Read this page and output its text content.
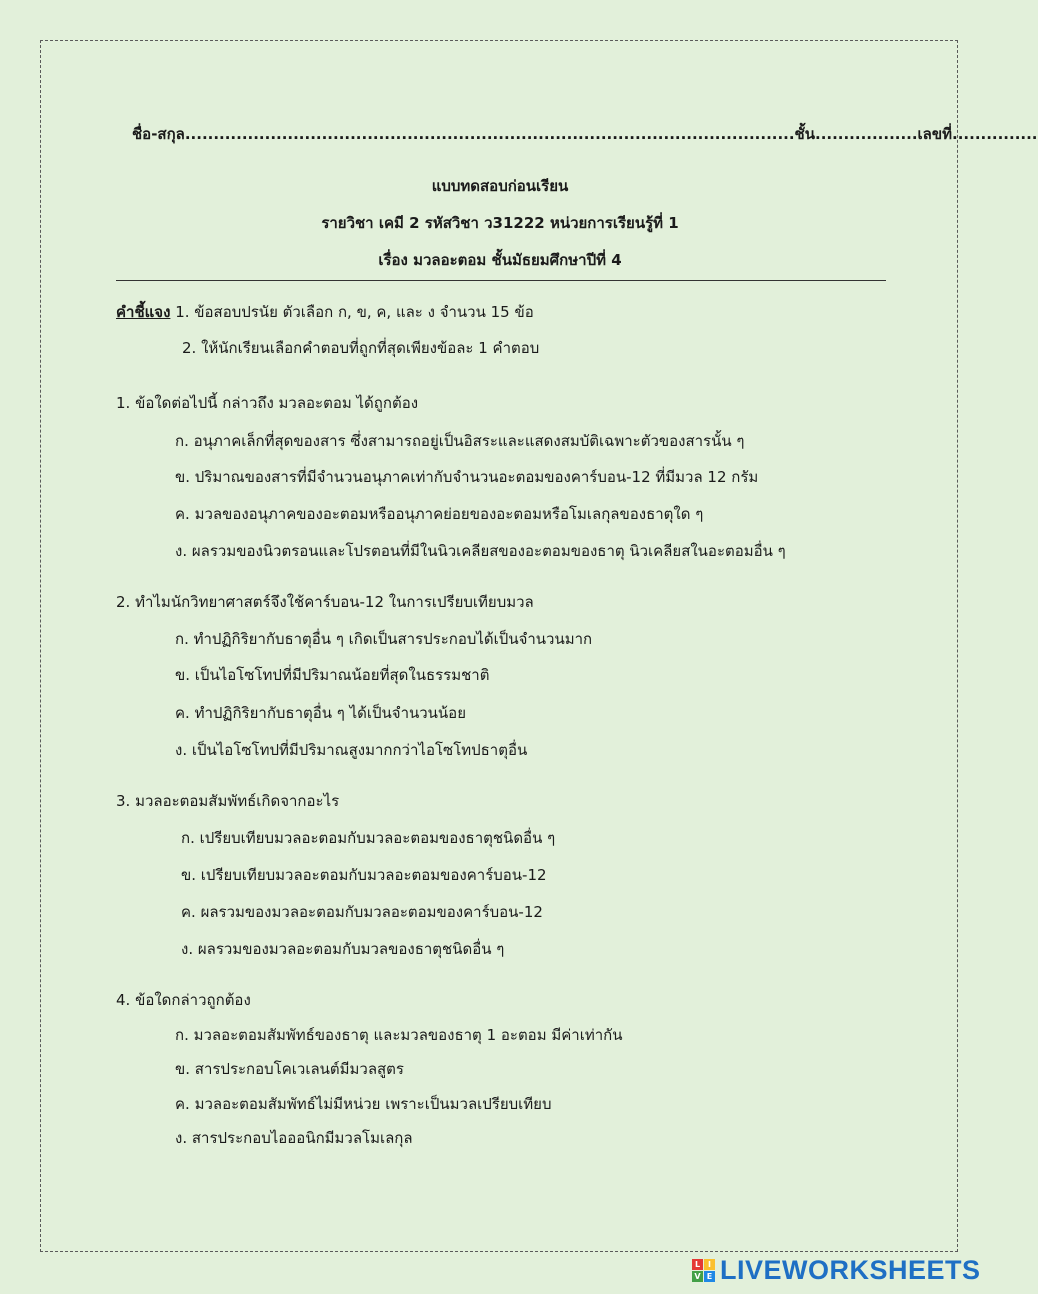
ชื่อ-สกุล...........................................................................................................ชั้น..................เลขที่...............
แบบทดสอบก่อนเรียน
รายวิชา เคมี 2 รหัสวิชา ว31222 หน่วยการเรียนรู้ที่ 1
เรื่อง มวลอะตอม ชั้นมัธยมศึกษาปีที่ 4
คำชี้แจง 1. ข้อสอบปรนัย ตัวเลือก ก, ข, ค, และ ง จำนวน 15 ข้อ
2. ให้นักเรียนเลือกคำตอบที่ถูกที่สุดเพียงข้อละ 1 คำตอบ
1. ข้อใดต่อไปนี้ กล่าวถึง มวลอะตอม ได้ถูกต้อง
ก. อนุภาคเล็กที่สุดของสาร ซึ่งสามารถอยู่เป็นอิสระและแสดงสมบัติเฉพาะตัวของสารนั้น ๆ
ข. ปริมาณของสารที่มีจำนวนอนุภาคเท่ากับจำนวนอะตอมของคาร์บอน-12 ที่มีมวล 12 กรัม
ค. มวลของอนุภาคของอะตอมหรืออนุภาคย่อยของอะตอมหรือโมเลกุลของธาตุใด ๆ
ง. ผลรวมของนิวตรอนและโปรตอนที่มีในนิวเคลียสของอะตอมของธาตุ นิวเคลียสในอะตอมอื่น ๆ
2. ทำไมนักวิทยาศาสตร์จึงใช้คาร์บอน-12 ในการเปรียบเทียบมวล
ก. ทำปฏิกิริยากับธาตุอื่น ๆ เกิดเป็นสารประกอบได้เป็นจำนวนมาก
ข. เป็นไอโซโทปที่มีปริมาณน้อยที่สุดในธรรมชาติ
ค. ทำปฏิกิริยากับธาตุอื่น ๆ ได้เป็นจำนวนน้อย
ง. เป็นไอโซโทปที่มีปริมาณสูงมากกว่าไอโซโทปธาตุอื่น
3. มวลอะตอมสัมพัทธ์เกิดจากอะไร
ก. เปรียบเทียบมวลอะตอมกับมวลอะตอมของธาตุชนิดอื่น ๆ
ข. เปรียบเทียบมวลอะตอมกับมวลอะตอมของคาร์บอน-12
ค. ผลรวมของมวลอะตอมกับมวลอะตอมของคาร์บอน-12
ง. ผลรวมของมวลอะตอมกับมวลของธาตุชนิดอื่น ๆ
4. ข้อใดกล่าวถูกต้อง
ก. มวลอะตอมสัมพัทธ์ของธาตุ และมวลของธาตุ 1 อะตอม มีค่าเท่ากัน
ข. สารประกอบโคเวเลนต์มีมวลสูตร
ค. มวลอะตอมสัมพัทธ์ไม่มีหน่วย เพราะเป็นมวลเปรียบเทียบ
ง. สารประกอบไอออนิกมีมวลโมเลกุล
L I
V E LIVEWORKSHEETS
